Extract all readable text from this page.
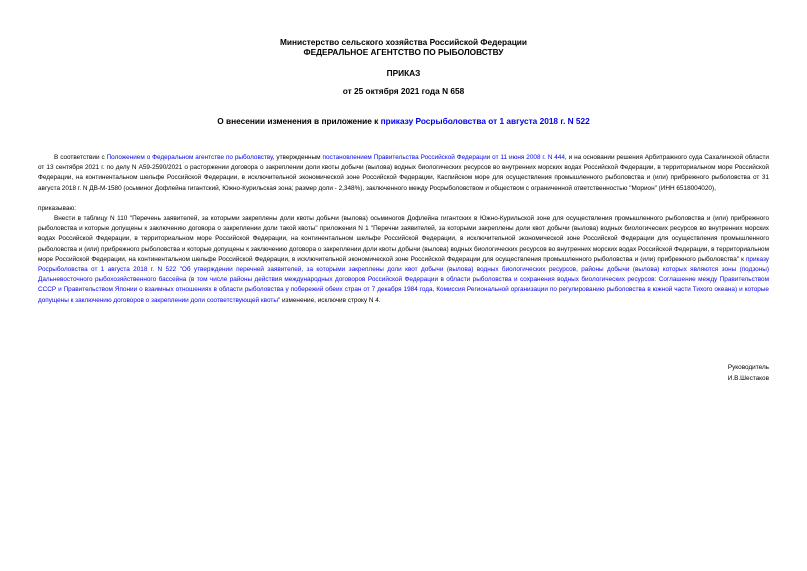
Министерство сельского хозяйства Российской Федерации
ФЕДЕРАЛЬНОЕ АГЕНТСТВО ПО РЫБОЛОВСТВУ
ПРИКАЗ
от 25 октября 2021 года N 658
О внесении изменения в приложение к приказу Росрыболовства от 1 августа 2018 г. N 522

В соответствии с Положением о Федеральном агентстве по рыболовству, утвержденным постановлением Правительства Российской Федерации от 11 июня 2008 г. N 444, и на основании решения Арбитражного суда Сахалинской области от 13 сентября 2021 г. по делу N А59-2590/2021 о расторжении договора о закреплении доли квоты добычи (вылова) водных биологических ресурсов во внутренних морских водах Российской Федерации, в территориальном море Российской Федерации, на континентальном шельфе Российской Федерации, в исключительной экономической зоне Российской Федерации, Каспийском море для осуществления промышленного рыболовства и (или) прибрежного рыболовства от 31 августа 2018 г. N ДВ-М-1580 (осьминог Дофлейна гигантский, Южно-Курильская зона; размер доли - 2,348%), заключенного между Росрыболовством и обществом с ограниченной ответственностью "Морион" (ИНН 6518004020),

приказываю:

Внести в таблицу N 110 "Перечень заявителей, за которыми закреплены доли квоты добычи (вылова) осьминогов Дофлейна гигантских в Южно-Курильской зоне для осуществления промышленного рыболовства и (или) прибрежного рыболовства и которые допущены к заключению договора о закреплении доли такой квоты" приложения N 1 "Перечни заявителей, за которыми закреплены доли квот добычи (вылова) водных биологических ресурсов во внутренних морских водах Российской Федерации, в территориальном море Российской Федерации, на континентальном шельфе Российской Федерации, в исключительной экономической зоне Российской Федерации для осуществления промышленного рыболовства и (или) прибрежного рыболовства и которые допущены к заключению договора о закреплении доли квоты добычи (вылова) водных биологических ресурсов во внутренних морских водах Российской Федерации, в территориальном море Российской Федерации, на континентальном шельфе Российской Федерации, в исключительной экономической зоне Российской Федерации для осуществления промышленного рыболовства и (или) прибрежного рыболовства" к приказу Росрыболовства от 1 августа 2018 г. N 522 "Об утверждении перечней заявителей, за которыми закреплены доли квот добычи (вылова) водных биологических ресурсов, районы добычи (вылова) которых являются зоны (подзоны) Дальневосточного рыбохозяйственного бассейна (в том числе районы действия международных договоров Российской Федерации в области рыболовства и сохранения водных биологических ресурсов: Соглашение между Правительством СССР и Правительством Японии о взаимных отношениях в области рыболовства у побережий обеих стран от 7 декабря 1984 года, Комиссия Региональной организации по регулированию рыболовства в южной части Тихого океана) и которые допущены к заключению договоров о закреплении доли соответствующей квоты" изменение, исключив строку N 4.

Руководитель
И.В.Шестаков
